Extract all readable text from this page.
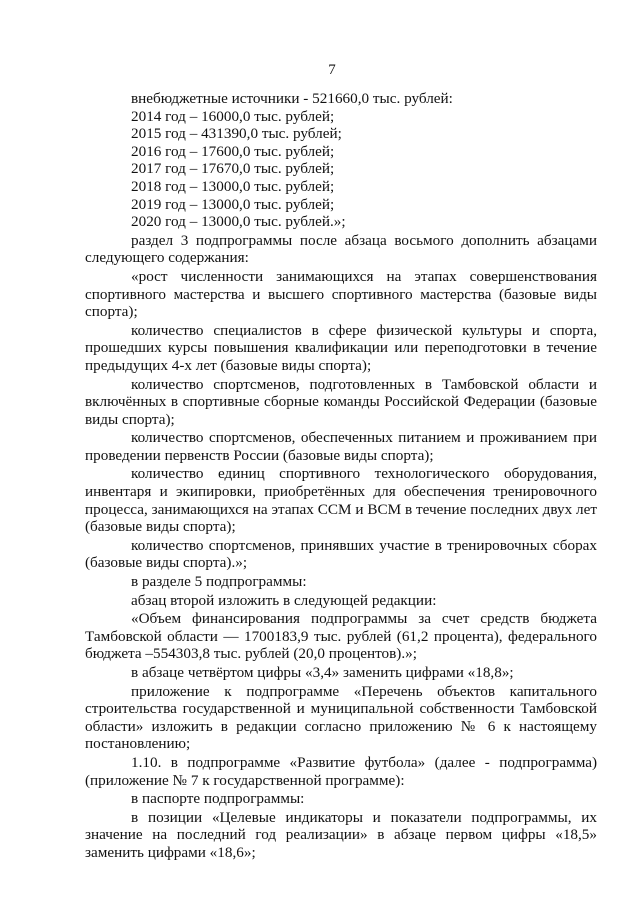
7

внебюджетные источники - 521660,0 тыс. рублей:

2014 год – 16000,0 тыс. рублей;

2015 год – 431390,0 тыс. рублей;

2016 год – 17600,0 тыс. рублей;

2017 год – 17670,0 тыс. рублей;

2018 год – 13000,0 тыс. рублей;

2019 год – 13000,0 тыс. рублей;

2020 год – 13000,0 тыс. рублей.»;

раздел 3 подпрограммы после абзаца восьмого дополнить абзацами следующего содержания:

«рост численности занимающихся на этапах совершенствования спортивного мастерства и высшего спортивного мастерства (базовые виды спорта);

количество специалистов в сфере физической культуры и спорта, прошедших курсы повышения квалификации или переподготовки в течение предыдущих 4-х лет (базовые виды спорта);

количество спортсменов, подготовленных в Тамбовской области и включённых в спортивные сборные команды Российской Федерации (базовые виды спорта);

количество спортсменов, обеспеченных питанием и проживанием при проведении первенств России (базовые виды спорта);

количество единиц спортивного технологического оборудования, инвентаря и экипировки, приобретённых для обеспечения тренировочного процесса, занимающихся на этапах ССМ и ВСМ в течение последних двух лет (базовые виды спорта);

количество спортсменов, принявших участие в тренировочных сборах (базовые виды спорта).»;

в разделе 5 подпрограммы:

абзац второй изложить в следующей редакции:

«Объем финансирования подпрограммы за счет средств бюджета Тамбовской области — 1700183,9 тыс. рублей (61,2 процента), федерального бюджета –554303,8 тыс. рублей (20,0 процентов).»;

в абзаце четвёртом цифры «3,4» заменить цифрами «18,8»;

приложение к подпрограмме «Перечень объектов капитального строительства государственной и муниципальной собственности Тамбовской области» изложить в редакции согласно приложению № 6 к настоящему постановлению;

1.10. в подпрограмме «Развитие футбола» (далее - подпрограмма) (приложение № 7 к государственной программе):

в паспорте подпрограммы:

в позиции «Целевые индикаторы и показатели подпрограммы, их значение на последний год реализации» в абзаце первом цифры «18,5» заменить цифрами «18,6»;
